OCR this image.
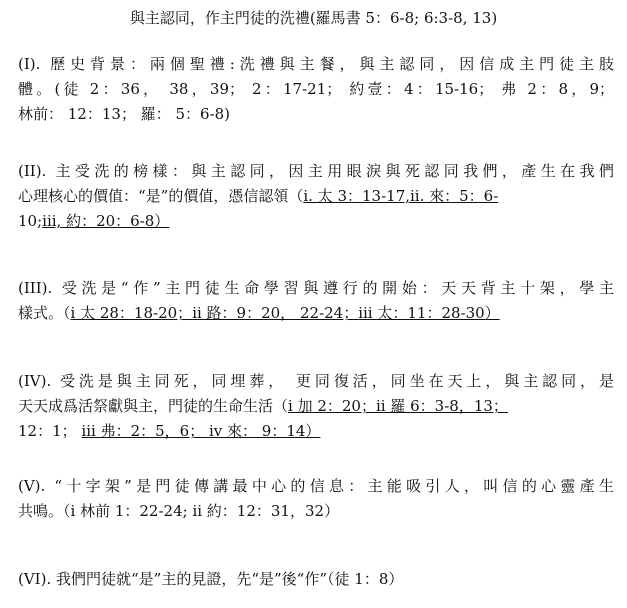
與主認同，作主門徒的洗禮(羅馬書 5：6-8; 6:3-8, 13)
(I). 歷史背景：兩個聖禮:洗禮與主餐，與主認同，因信成主門徒主肢
體。(徒 2：36， 38，39； 2：17-21； 約壹：4：15-16； 弗 2：8，9；
林前： 12：13； 羅： 5：6-8)
(II). 主受洗的榜樣：與主認同，因主用眼淚與死認同我們，產生在我們
心理核心的價值：“是”的價值，憑信認領（i. 太 3：13-17,ii. 來：5：6-
10;iii, 約：20：6-8）
(III). 受洗是“作”主門徒生命學習與遵行的開始：天天背主十架，學主
樣式。（i 太 28：18-20；ii 路：9：20， 22-24；iii 太：11：28-30）
(IV). 受洗是與主同死，同埋葬， 更同復活，同坐在天上，與主認同，是
天天成爲活祭獻與主，門徒的生命生活（i 加 2：20；ii 羅 6：3-8，13；
12：1； iii 弗：2：5，6； iv 來： 9：14）
(V). “十字架”是門徒傳講最中心的信息：主能吸引人，叫信的心靈產生
共鳴。（i 林前 1：22-24; ii 約：12：31，32）
(VI). 我們門徒就“是”主的見證，先“是”後“作”（徒 1：8）
